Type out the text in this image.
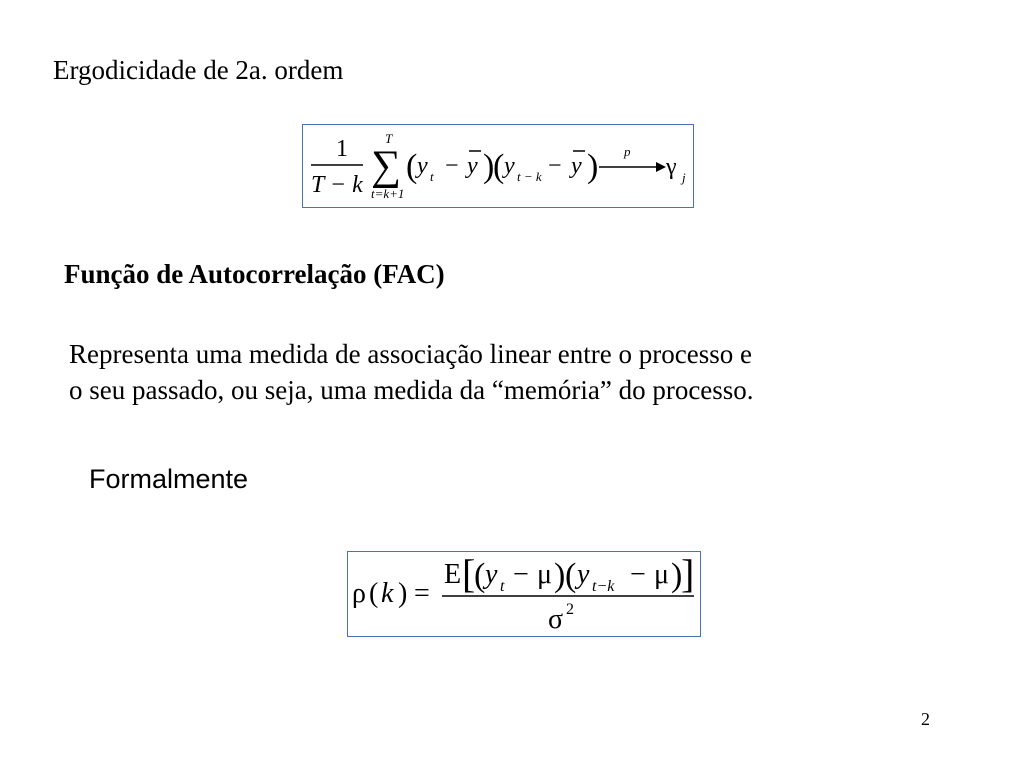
Ergodicidade de 2a. ordem
1
T − k
T
∑
t=k+1
( y t − y )
( y t − k − y ) p
γ j
Função de Autocorrelação (FAC)
Representa uma medida de associação linear entre o processo e
o seu passado, ou seja, uma medida da “memória” do processo.
Formalmente
ρ ( k ) =
E [
( y t − μ ) ( y t−k − μ )
]
σ 2
2
